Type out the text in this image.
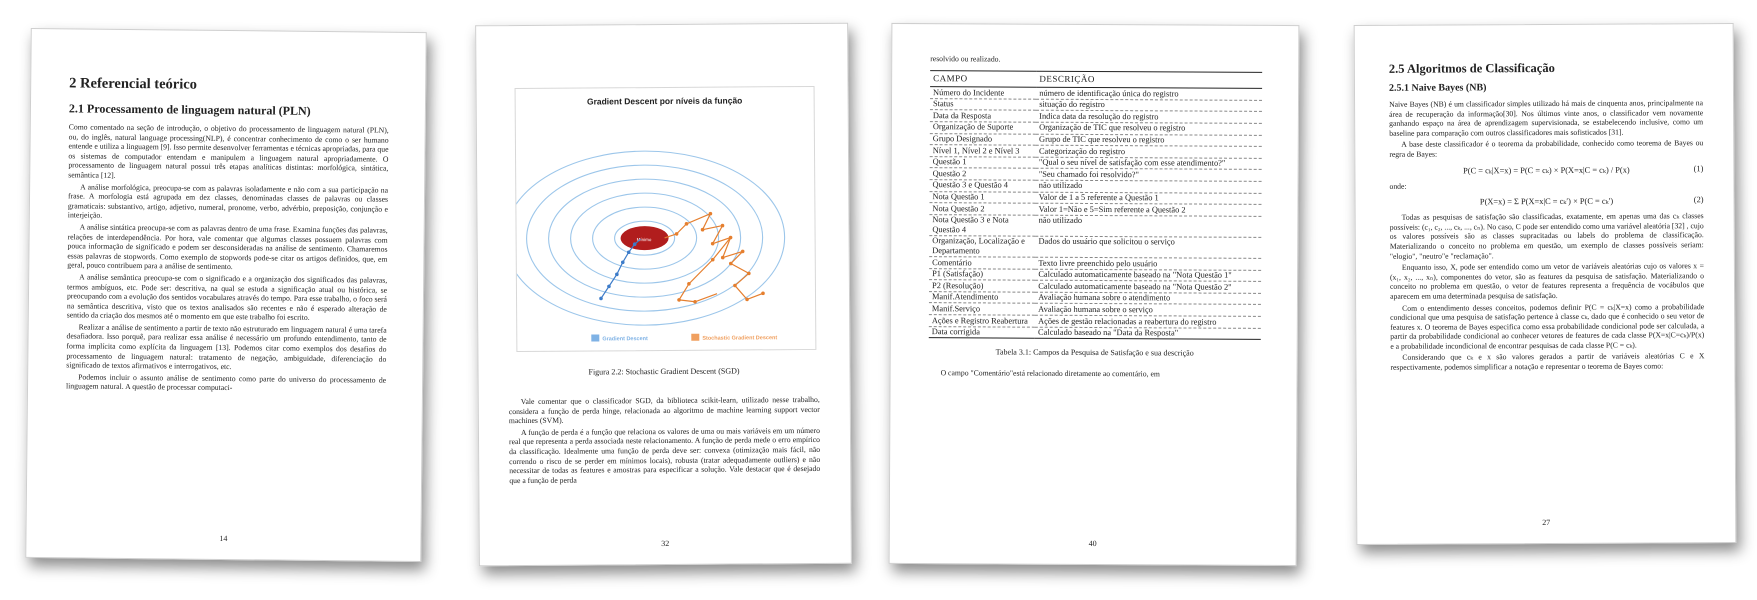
2 Referencial teórico
2.1 Processamento de linguagem natural (PLN)

Como comentado na seção de introdução, o objetivo do processamento de linguagem natural (PLN), ou, do inglês, natural language processing(NLP), é concentrar conhecimento de como o ser humano entende e utiliza a linguagem [9]. Isso permite desenvolver ferramentas e técnicas apropriadas, para que os sistemas de computador entendam e manipulem a linguagem natural apropriadamente. O processamento de linguagem natural possui três etapas analíticas distintas: morfológica, sintática, semântica [12].

A análise morfológica, preocupa-se com as palavras isoladamente e não com a sua participação na frase. A morfologia está agrupada em dez classes, denominadas classes de palavras ou classes gramaticais: substantivo, artigo, adjetivo, numeral, pronome, verbo, advérbio, preposição, conjunção e interjeição.

A análise sintática preocupa-se com as palavras dentro de uma frase. Examina funções das palavras, relações de interdependência. Por hora, vale comentar que algumas classes possuem palavras com pouca informação de significado e podem ser desconsideradas na análise de sentimento. Chamaremos essas palavras de stopwords. Como exemplo de stopwords pode-se citar os artigos definidos, que, em geral, pouco contribuem para a análise de sentimento.

A análise semântica preocupa-se com o significado e a organização dos significados das palavras, termos ambíguos, etc. Pode ser: descritiva, na qual se estuda a significação atual ou histórica, se preocupando com a evolução dos sentidos vocabulares através do tempo. Para esse trabalho, o foco será na semântica descritiva, visto que os textos analisados são recentes e não é esperado alteração de sentido da criação dos mesmos até o momento em que este trabalho foi escrito.

Realizar a análise de sentimento a partir de texto não estruturado em linguagem natural é uma tarefa desafiadora. Isso porquê, para realizar essa análise é necessário um profundo entendimento, tanto de forma implícita como explícita da linguagem [13]. Podemos citar como exemplos dos desafios do processamento de linguagem natural: tratamento de negação, ambiguidade, diferenciação do significado de textos afirmativos e interrogativos, etc.

Podemos incluir o assunto análise de sentimento como parte do universo do processamento de linguagem natural. A questão de processar computaci-

14
Gradient Descent por níveis da função
Mínimo
Gradient Descent	Stochastic Gradient Descent
Figura 2.2: Stochastic Gradient Descent (SGD)

Vale comentar que o classificador SGD, da biblioteca scikit-learn, utilizado nesse trabalho, considera a função de perda hinge, relacionada ao algoritmo de machine learning support vector machines (SVM).

A função de perda é a função que relaciona os valores de uma ou mais variáveis em um número real que representa a perda associada neste relacionamento. A função de perda mede o erro empírico da classificação. Idealmente uma função de perda deve ser: convexa (otimização mais fácil, não correndo o risco de se perder em mínimos locais), robusta (tratar adequadamente outliers) e não necessitar de todas as features e amostras para especificar a solução. Vale destacar que é desejado que a função de perda

32

resolvido ou realizado.

CAMPO	DESCRIÇÃO
Número do Incidente	número de identificação única do registro
Status	situação do registro
Data da Resposta	Indica data da resolução do registro
Organização de Suporte	Organização de TIC que resolveu o registro
Grupo Designado	Grupo de TIC que resolveu o registro
Nível 1, Nível 2 e Nível 3	Categorização do registro
Questão 1	"Qual o seu nível de satisfação com esse atendimento?"
Questão 2	"Seu chamado foi resolvido?"
Questão 3 e Questão 4	não utilizado
Nota Questão 1	Valor de 1 a 5 referente a Questão 1
Nota Questão 2	Valor 1=Não e 5=Sim referente a Questão 2
Nota Questão 3 e Nota Questão 4	não utilizado
Organização, Localização e Departamento	Dados do usuário que solicitou o serviço
Comentário	Texto livre preenchido pelo usuário
P1 (Satisfação)	Calculado automaticamente baseado na "Nota Questão 1"
P2 (Resolução)	Calculado automaticamente baseado na "Nota Questão 2"
Manif.Atendimento	Avaliação humana sobre o atendimento
Manif.Serviço	Avaliação humana sobre o serviço
Ações e Registro Reabertura	Ações de gestão relacionadas a reabertura do registro
Data corrigida	Calculado baseado na "Data da Resposta"
Tabela 3.1: Campos da Pesquisa de Satisfação e sua descrição

O campo "Comentário"está relacionado diretamente ao comentário, em

40
2.5 Algoritmos de Classificação
2.5.1 Naive Bayes (NB)

Naive Bayes (NB) é um classificador simples utilizado há mais de cinquenta anos, principalmente na área de recuperação da informação[30]. Nos últimos vinte anos, o classificador vem novamente ganhando espaço na área de aprendizagem supervisionada, se estabelecendo inclusive, como um baseline para comparação com outros classificadores mais sofisticados [31].

A base deste classificador é o teorema da probabilidade, conhecido como teorema de Bayes ou regra de Bayes:

P(C = cₖ|X=x) = P(C = cₖ) × P(X=x|C = cₖ) / P(x)	(1)

onde:

P(X=x) = Σ P(X=x|C = cₖ′) × P(C = cₖ′)	(2)

Todas as pesquisas de satisfação são classificadas, exatamente, em apenas uma das cₖ classes possíveis: (c₁, c₂, ..., cₖ, ..., cₙ). No caso, C pode ser entendido como uma variável aleatória [32] , cujo os valores possíveis são as classes supracitadas ou labels do problema de classificação. Materializando o conceito no problema em questão, um exemplo de classes possíveis seriam: "elogio", "neutro"e "reclamação".

Enquanto isso, X, pode ser entendido como um vetor de variáveis aleatórias cujo os valores x = (x₁, x₂, ..., xₙ), componentes do vetor, são as features da pesquisa de satisfação. Materializando o conceito no problema em questão, o vetor de features representa a frequência de vocábulos que aparecem em uma determinada pesquisa de satisfação.

Com o entendimento desses conceitos, podemos definir P(C = cₖ|X=x) como a probabilidade condicional que uma pesquisa de satisfação pertence à classe cₖ, dado que é conhecido o seu vetor de features x. O teorema de Bayes especifica como essa probabilidade condicional pode ser calculada, a partir da probabilidade condicional ao conhecer vetores de features de cada classe P(X=x|C=cₖ)/P(x) e a probabilidade incondicional de encontrar pesquisas de cada classe P(C = cₖ).

Considerando que cₖ e x são valores gerados a partir de variáveis aleatórias C e X respectivamente, podemos simplificar a notação e representar o teorema de Bayes como:

27
